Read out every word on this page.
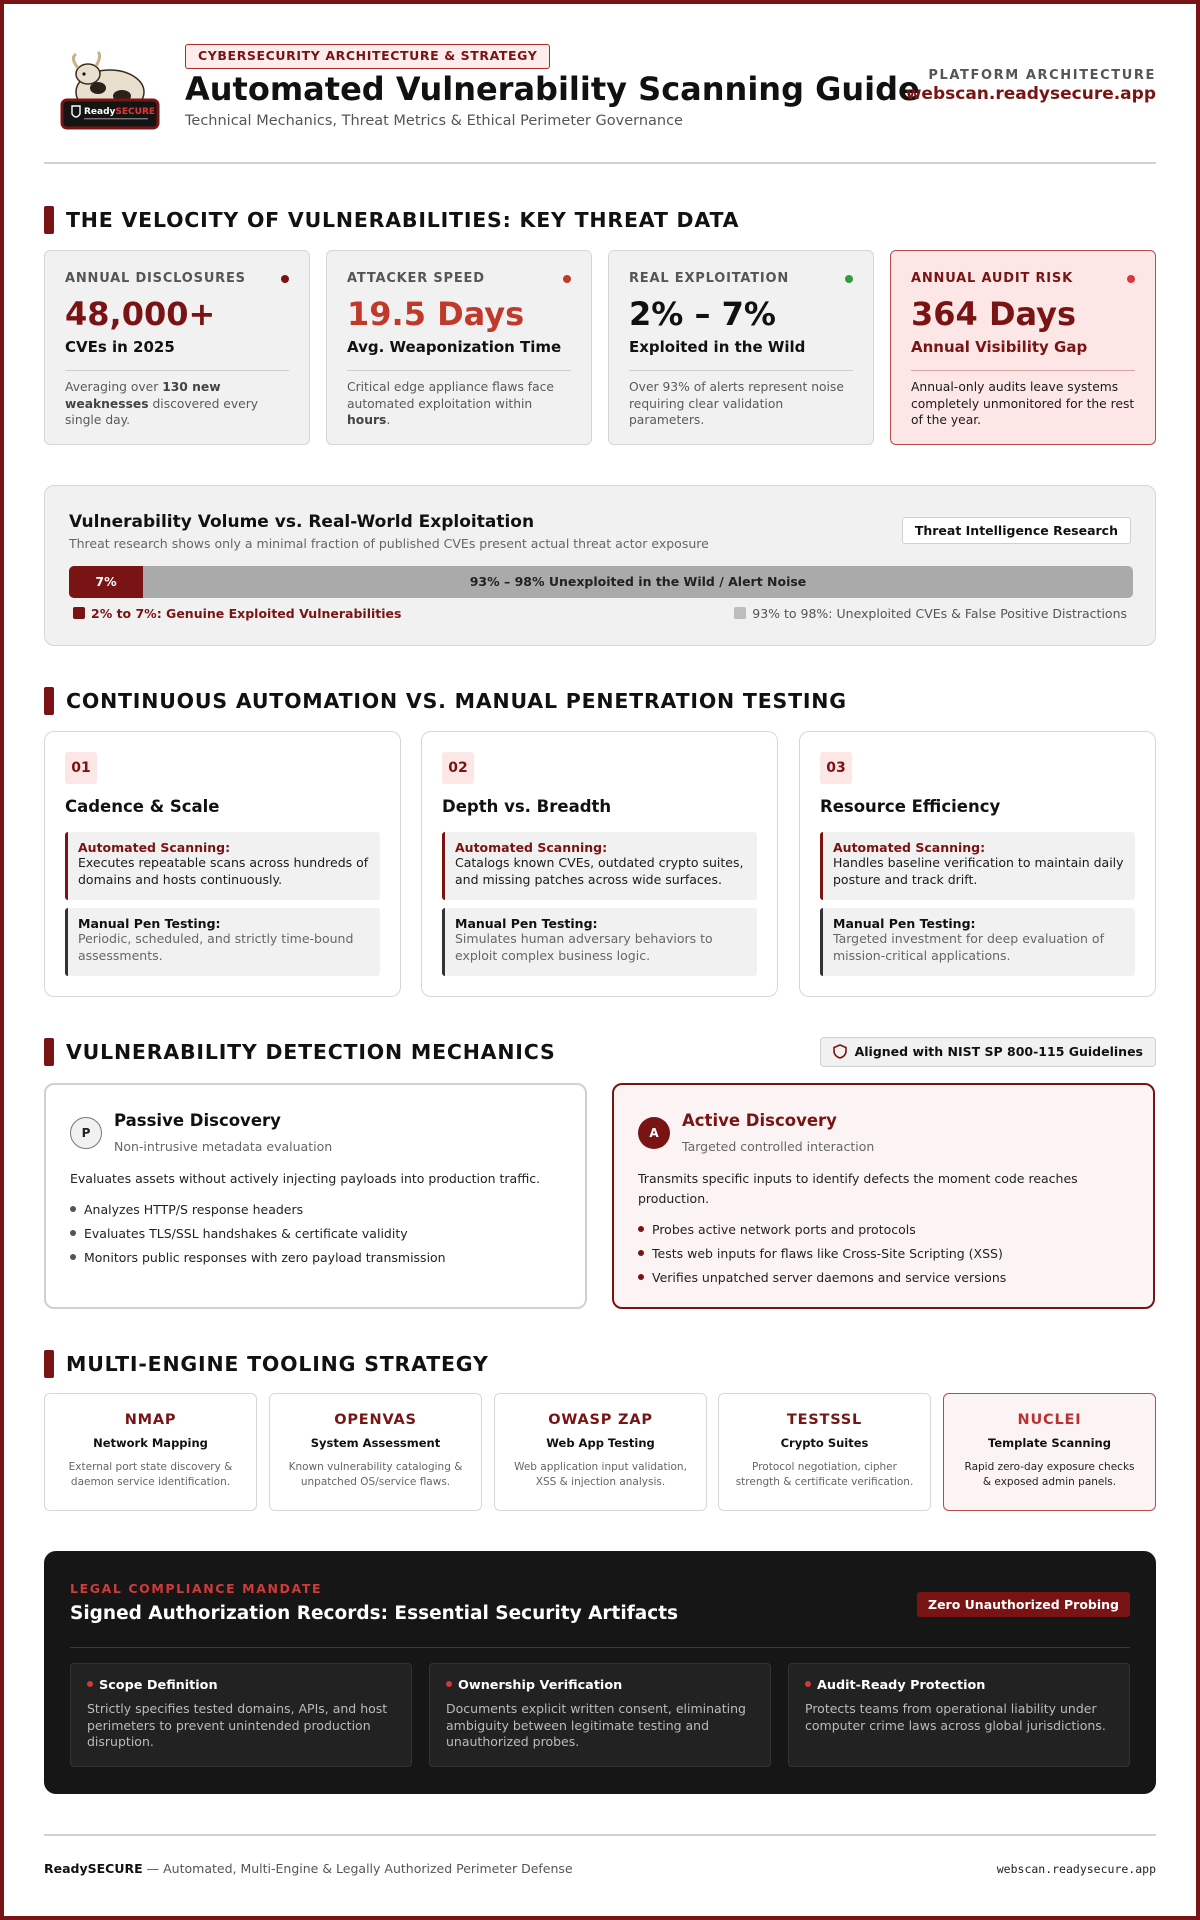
ReadySECURE
CYBERSECURITY ARCHITECTURE & STRATEGY
Automated Vulnerability Scanning Guide
Technical Mechanics, Threat Metrics & Ethical Perimeter Governance
PLATFORM ARCHITECTURE
webscan.readysecure.app
THE VELOCITY OF VULNERABILITIES: KEY THREAT DATA
ANNUAL DISCLOSURES
48,000+
CVEs in 2025
Averaging over 130 new weaknesses discovered every single day.
ATTACKER SPEED
19.5 Days
Avg. Weaponization Time
Critical edge appliance flaws face automated exploitation within hours.
REAL EXPLOITATION
2% – 7%
Exploited in the Wild
Over 93% of alerts represent noise requiring clear validation parameters.
ANNUAL AUDIT RISK
364 Days
Annual Visibility Gap
Annual-only audits leave systems completely unmonitored for the rest of the year.
Vulnerability Volume vs. Real-World Exploitation
Threat research shows only a minimal fraction of published CVEs present actual threat actor exposure
Threat Intelligence Research
7%	93% – 98% Unexploited in the Wild / Alert Noise
2% to 7%: Genuine Exploited Vulnerabilities	93% to 98%: Unexploited CVEs & False Positive Distractions
CONTINUOUS AUTOMATION VS. MANUAL PENETRATION TESTING
01
Cadence & Scale
Automated Scanning:
Executes repeatable scans across hundreds of domains and hosts continuously.
Manual Pen Testing:
Periodic, scheduled, and strictly time-bound assessments.
02
Depth vs. Breadth
Automated Scanning:
Catalogs known CVEs, outdated crypto suites, and missing patches across wide surfaces.
Manual Pen Testing:
Simulates human adversary behaviors to exploit complex business logic.
03
Resource Efficiency
Automated Scanning:
Handles baseline verification to maintain daily posture and track drift.
Manual Pen Testing:
Targeted investment for deep evaluation of mission-critical applications.
VULNERABILITY DETECTION MECHANICS	Aligned with NIST SP 800-115 Guidelines
P
Passive Discovery
Non-intrusive metadata evaluation
Evaluates assets without actively injecting payloads into production traffic.
Analyzes HTTP/S response headers
Evaluates TLS/SSL handshakes & certificate validity
Monitors public responses with zero payload transmission
A
Active Discovery
Targeted controlled interaction
Transmits specific inputs to identify defects the moment code reaches production.
Probes active network ports and protocols
Tests web inputs for flaws like Cross-Site Scripting (XSS)
Verifies unpatched server daemons and service versions
MULTI-ENGINE TOOLING STRATEGY
NMAP
Network Mapping
External port state discovery & daemon service identification.
OPENVAS
System Assessment
Known vulnerability cataloging & unpatched OS/service flaws.
OWASP ZAP
Web App Testing
Web application input validation, XSS & injection analysis.
TESTSSL
Crypto Suites
Protocol negotiation, cipher strength & certificate verification.
NUCLEI
Template Scanning
Rapid zero-day exposure checks & exposed admin panels.
LEGAL COMPLIANCE MANDATE
Signed Authorization Records: Essential Security Artifacts	Zero Unauthorized Probing
Scope Definition
Strictly specifies tested domains, APIs, and host perimeters to prevent unintended production disruption.
Ownership Verification
Documents explicit written consent, eliminating ambiguity between legitimate testing and unauthorized probes.
Audit-Ready Protection
Protects teams from operational liability under computer crime laws across global jurisdictions.
ReadySECURE — Automated, Multi-Engine & Legally Authorized Perimeter Defense	webscan.readysecure.app
